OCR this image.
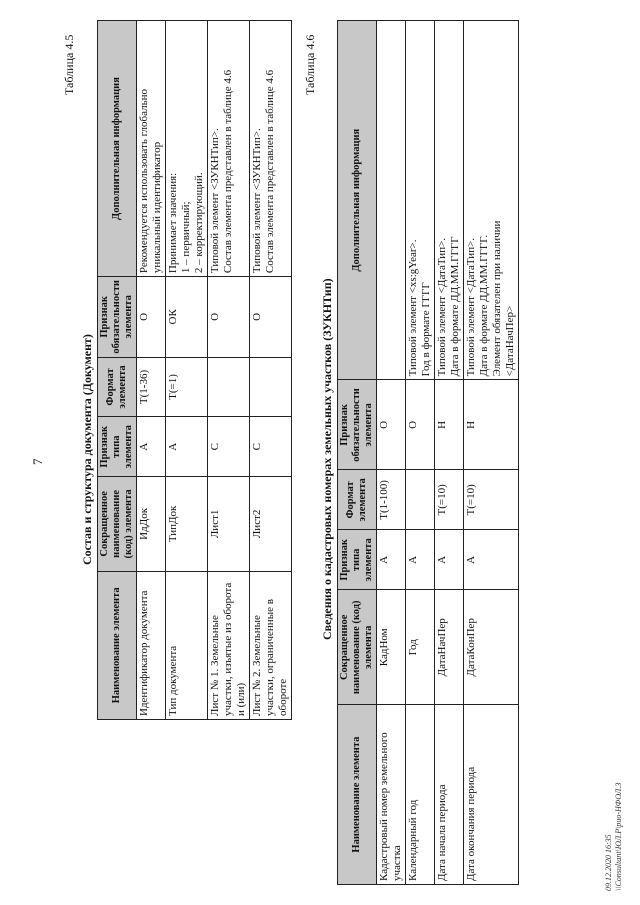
7
Таблица 4.5
Состав и структура документа (Документ)
Наименование элемента	Сокращенное наименование (код) элемента	Признак типа элемента	Формат элемента	Признак обязательности элемента	Дополнительная информация
Идентификатор документа	ИдДок	А	T(1-36)	О	Рекомендуется использовать глобально уникальный идентификатор

Тип документа	ТипДок	А	T(=1)	ОК	Принимает значения: 1 – первичный; 2 – корректирующий.

Лист № 1. Земельные участки, изъятые из оборота и (или)	Лист1	С		О	Типовой элемент <ЗУКНТип>. Состав элемента представлен в таблице 4.6

Лист № 2. Земельные участки, ограниченные в обороте	Лист2	С		О	Типовой элемент <ЗУКНТип>. Состав элемента представлен в таблице 4.6
Таблица 4.6
Сведения о кадастровых номерах земельных участков (ЗУКНТип)
Наименование элемента	Сокращенное наименование (код) элемента	Признак типа элемента	Формат элемента	Признак обязательности элемента	Дополнительная информация
Кадастровый номер земельного участка	КадНом	А	T(1-100)	О	

Календарный год	Год	А		О	Типовой элемент <xs:gYear>. Год в формате ГГГГ

Дата начала периода	ДатаНачПер	А	T(=10)	Н	Типовой элемент <ДатаТип>. Дата в формате ДД.ММ.ГГГГ

Дата окончания периода	ДатаКонПер	А	T(=10)	Н	Типовой элемент <ДатаТип>. Дата в формате ДД.ММ.ГГГГ. Элемент обязателен при наличии <ДатаНачПер>
09.12.2020 16:35 \\Consultant\ЮЛ.Р\рио-НФОЛ.3
